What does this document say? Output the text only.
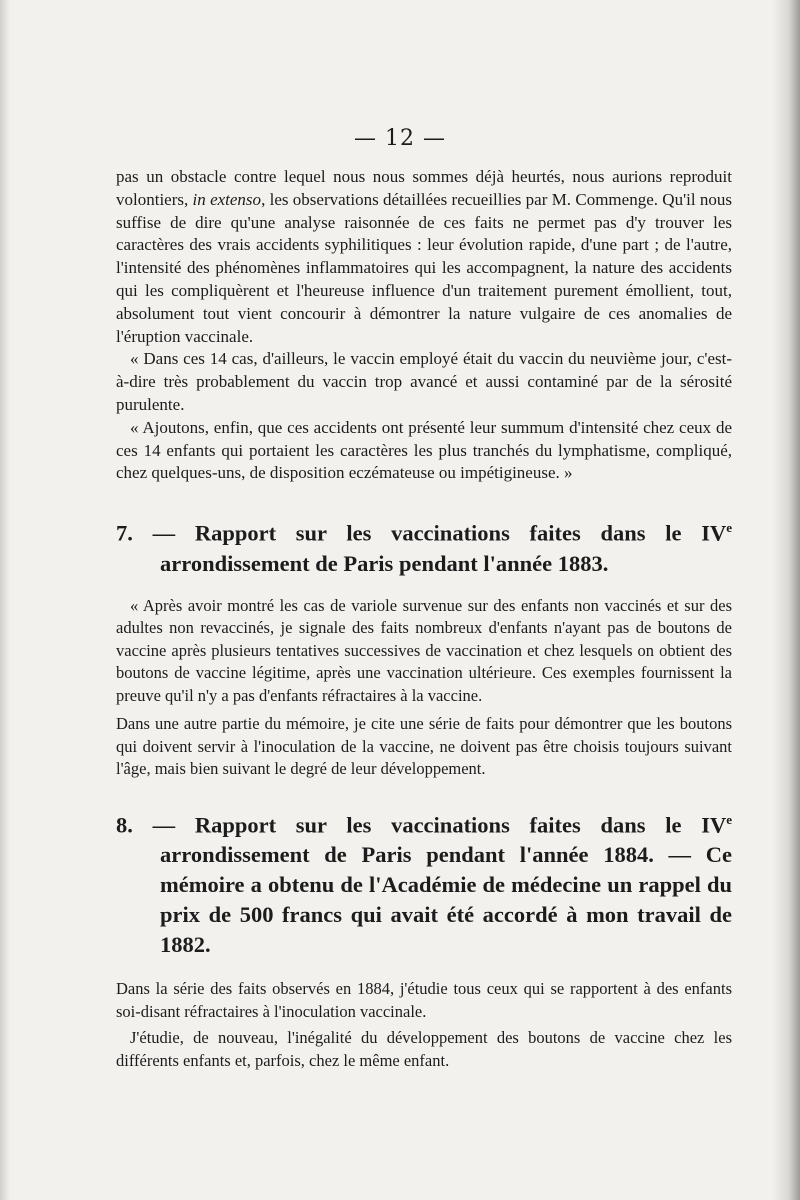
— 12 —

pas un obstacle contre lequel nous nous sommes déjà heurtés, nous aurions reproduit volontiers, in extenso, les observations détaillées recueillies par M. Commenge. Qu'il nous suffise de dire qu'une analyse raisonnée de ces faits ne permet pas d'y trouver les caractères des vrais accidents syphilitiques : leur évolution rapide, d'une part ; de l'autre, l'intensité des phénomènes inflammatoires qui les accompagnent, la nature des accidents qui les compliquèrent et l'heureuse influence d'un traitement purement émollient, tout, absolument tout vient concourir à démontrer la nature vulgaire de ces anomalies de l'éruption vaccinale.

« Dans ces 14 cas, d'ailleurs, le vaccin employé était du vaccin du neuvième jour, c'est-à-dire très probablement du vaccin trop avancé et aussi contaminé par de la sérosité purulente.

« Ajoutons, enfin, que ces accidents ont présenté leur summum d'intensité chez ceux de ces 14 enfants qui portaient les caractères les plus tranchés du lymphatisme, compliqué, chez quelques-uns, de disposition eczémateuse ou impétigineuse. »

7. — Rapport sur les vaccinations faites dans le IVe arrondissement de Paris pendant l'année 1883.

« Après avoir montré les cas de variole survenue sur des enfants non vaccinés et sur des adultes non revaccinés, je signale des faits nombreux d'enfants n'ayant pas de boutons de vaccine après plusieurs tentatives successives de vaccination et chez lesquels on obtient des boutons de vaccine légitime, après une vaccination ultérieure. Ces exemples fournissent la preuve qu'il n'y a pas d'enfants réfractaires à la vaccine.

Dans une autre partie du mémoire, je cite une série de faits pour démontrer que les boutons qui doivent servir à l'inoculation de la vaccine, ne doivent pas être choisis toujours suivant l'âge, mais bien suivant le degré de leur développement.

8. — Rapport sur les vaccinations faites dans le IVe arrondissement de Paris pendant l'année 1884. — Ce mémoire a obtenu de l'Académie de médecine un rappel du prix de 500 francs qui avait été accordé à mon travail de 1882.

Dans la série des faits observés en 1884, j'étudie tous ceux qui se rapportent à des enfants soi-disant réfractaires à l'inoculation vaccinale.

J'étudie, de nouveau, l'inégalité du développement des boutons de vaccine chez les différents enfants et, parfois, chez le même enfant.
